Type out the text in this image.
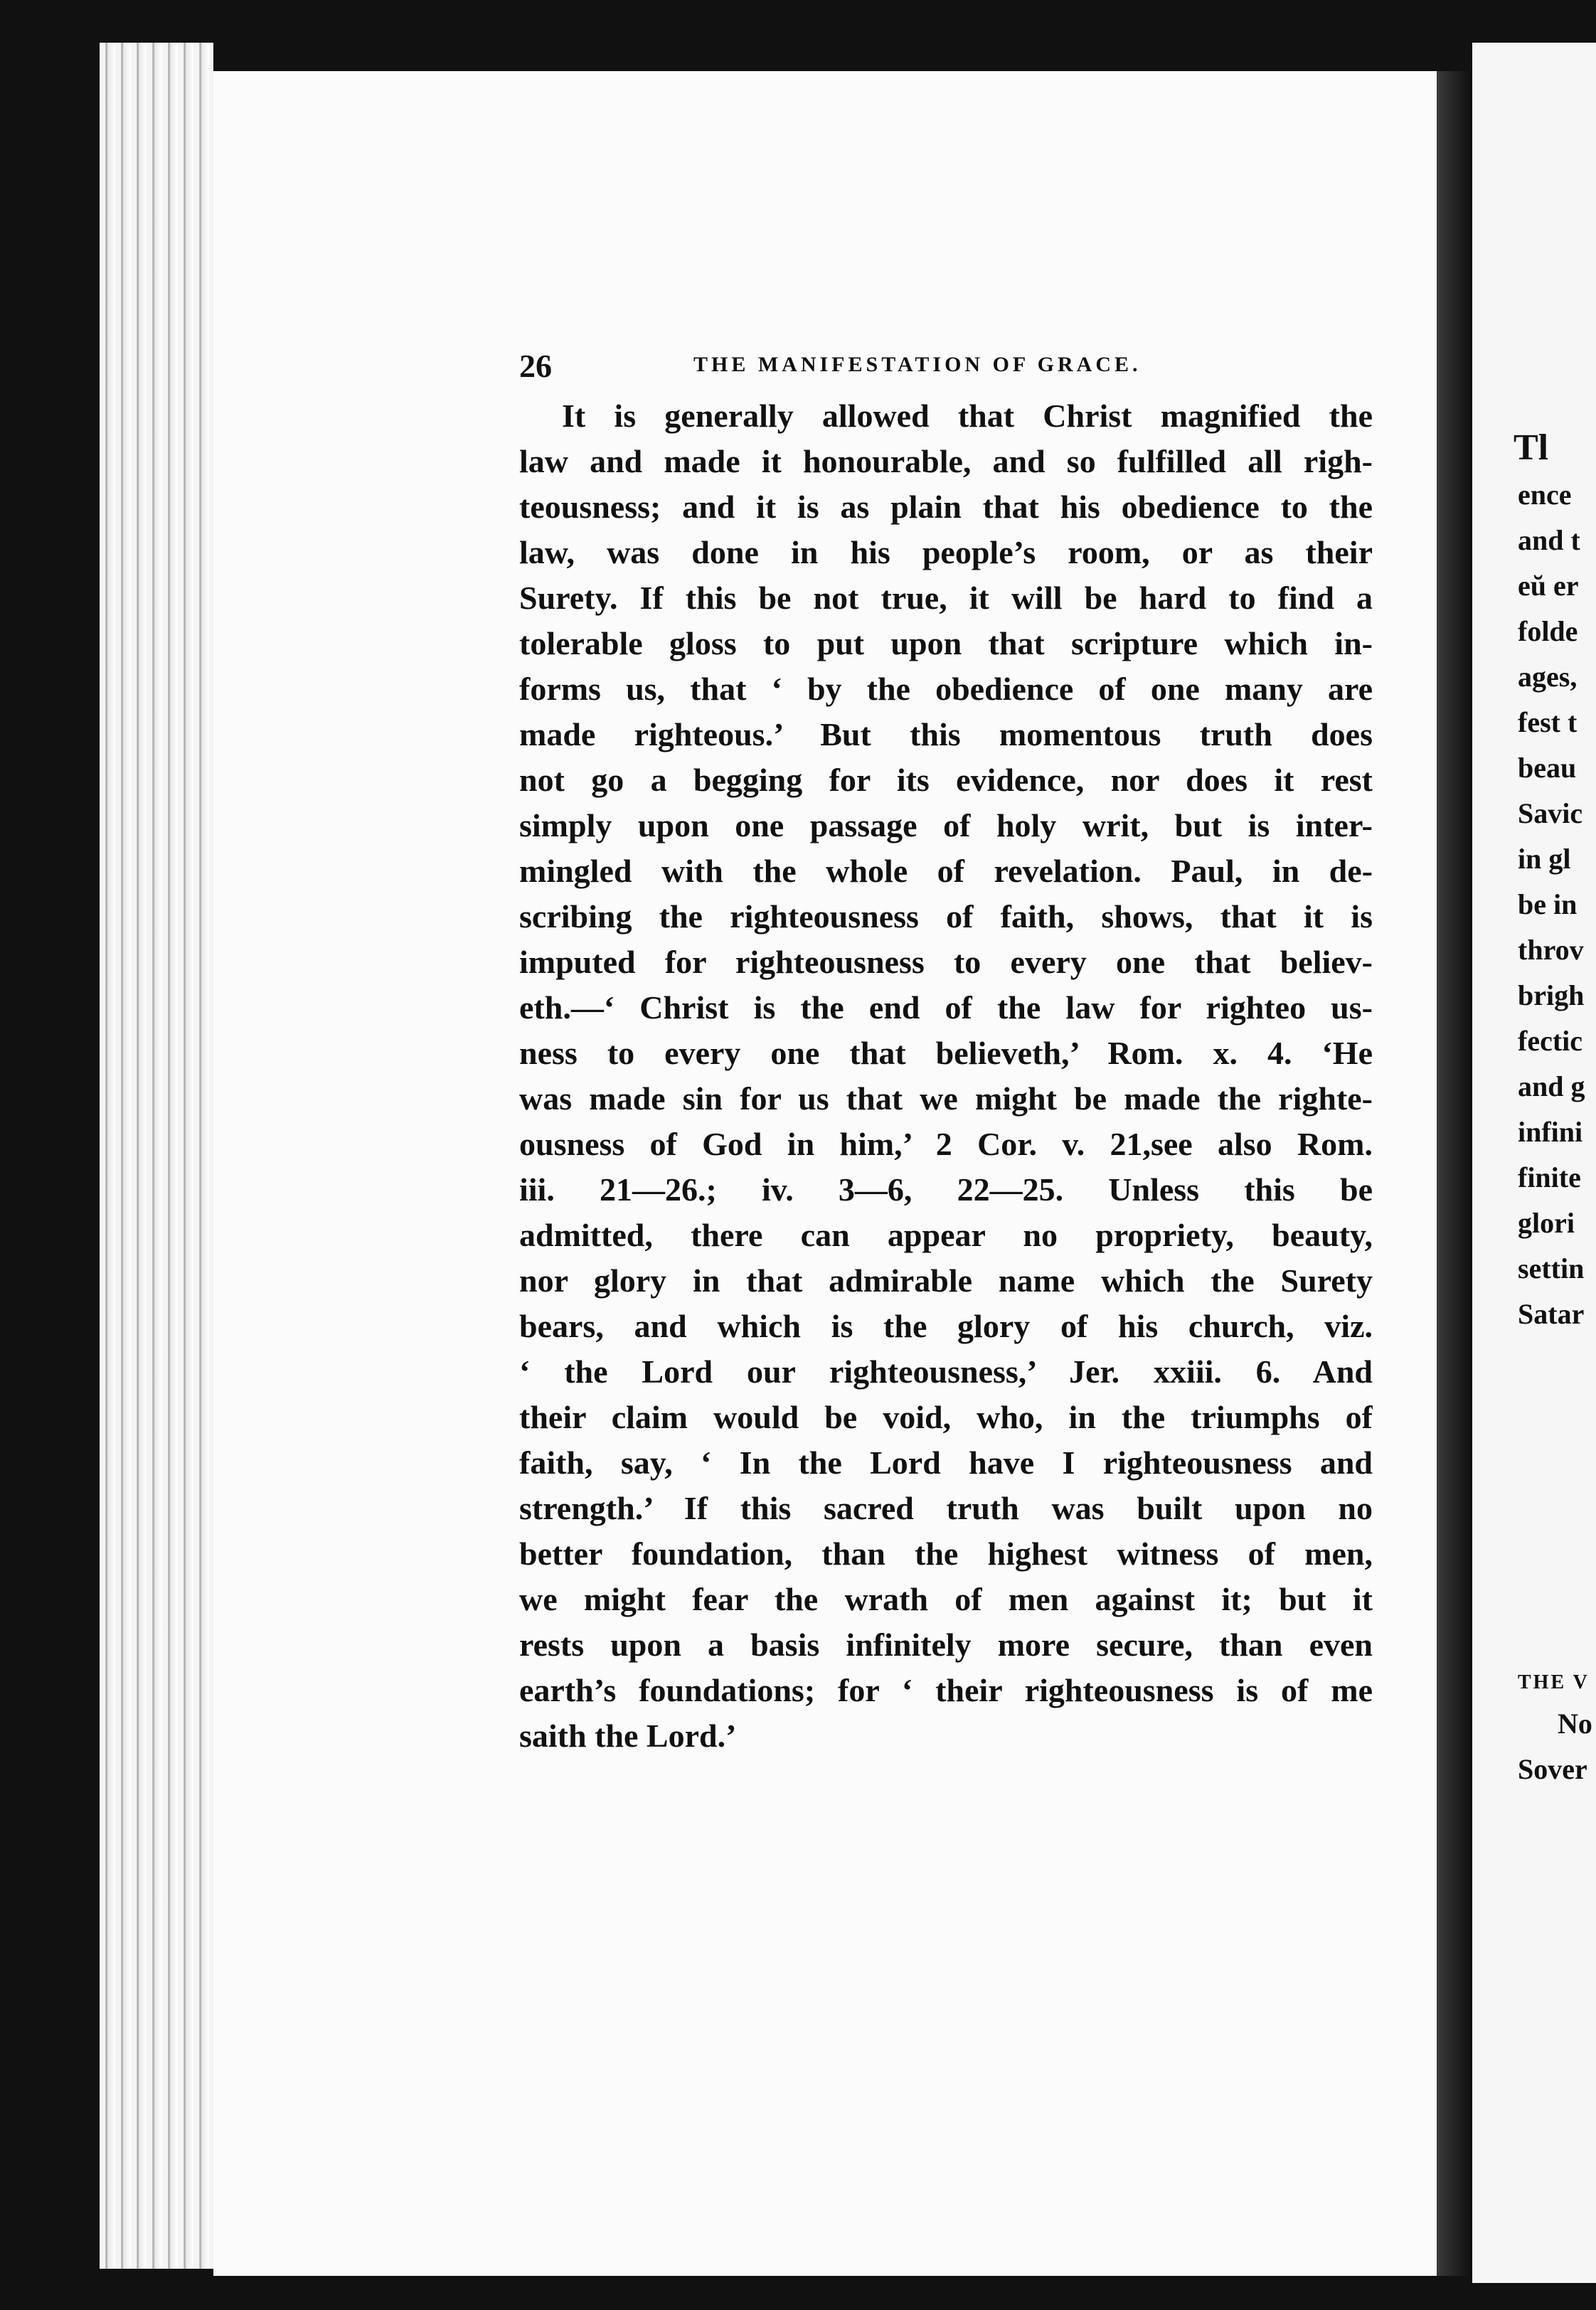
Tl
ence
and t
eŭ er
folde
ages,
fest t
beau
Savic
in gl
be in
throv
brigh
fectic
and g
infini
finite
glori
settin
Satar
THE V
No
Sover
26	THE MANIFESTATION OF GRACE.
It is generally allowed that Christ magnified the
law and made it honourable, and so fulfilled all righ-
teousness; and it is as plain that his obedience to the
law, was done in his people’s room, or as their
Surety. If this be not true, it will be hard to find a
tolerable gloss to put upon that scripture which in-
forms us, that ‘ by the obedience of one many are
made righteous.’ But this momentous truth does
not go a begging for its evidence, nor does it rest
simply upon one passage of holy writ, but is inter-
mingled with the whole of revelation. Paul, in de-
scribing the righteousness of faith, shows, that it is
imputed for righteousness to every one that believ-
eth.—‘ Christ is the end of the law for righteo us-
ness to every one that believeth,’ Rom. x. 4. ‘He
was made sin for us that we might be made the righte-
ousness of God in him,’ 2 Cor. v. 21,see also Rom.
iii. 21—26.; iv. 3—6, 22—25. Unless this be
admitted, there can appear no propriety, beauty,
nor glory in that admirable name which the Surety
bears, and which is the glory of his church, viz.
‘ the Lord our righteousness,’ Jer. xxiii. 6. And
their claim would be void, who, in the triumphs of
faith, say, ‘ In the Lord have I righteousness and
strength.’ If this sacred truth was built upon no
better foundation, than the highest witness of men,
we might fear the wrath of men against it; but it
rests upon a basis infinitely more secure, than even
earth’s foundations; for ‘ their righteousness is of me
saith the Lord.’
